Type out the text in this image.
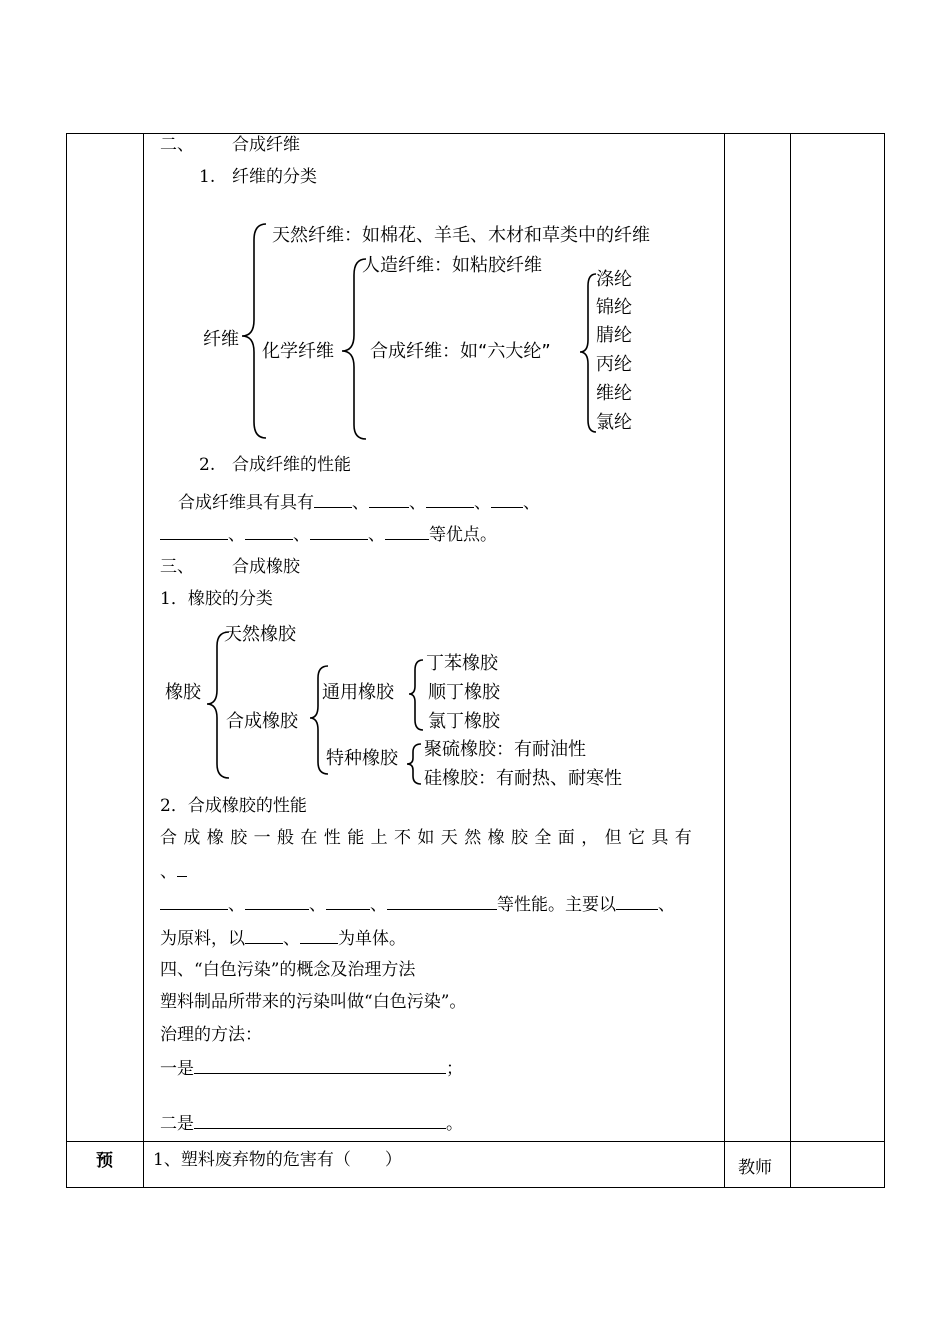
二、 合成纤维
1. 纤维的分类
纤维
天然纤维：如棉花、羊毛、木材和草类中的纤维
化学纤维
人造纤维：如粘胶纤维
合成纤维：如“六大纶”
涤纶
锦纶
腈纶
丙纶
维纶
氯纶
2. 合成纤维的性能
合成纤维具有具有 、 、	、 、
、	、	、	等优点。
三、 合成橡胶
1．橡胶的分类
橡胶
天然橡胶
合成橡胶
通用橡胶
特种橡胶
丁苯橡胶
顺丁橡胶
氯丁橡胶
聚硫橡胶：有耐油性
硅橡胶：有耐热、耐寒性
2．合成橡胶的性能
合成橡胶一般在性能上不如天然橡胶全面，但它具有
、
、	、	、	等性能。主要以 、
为原料，以 、 为单体。
四、“白色污染”的概念及治理方法
塑料制品所带来的污染叫做“白色污染”。
治理的方法：
一是	；
二是	。
预 1、塑料废弃物的危害有（　　）	教师
